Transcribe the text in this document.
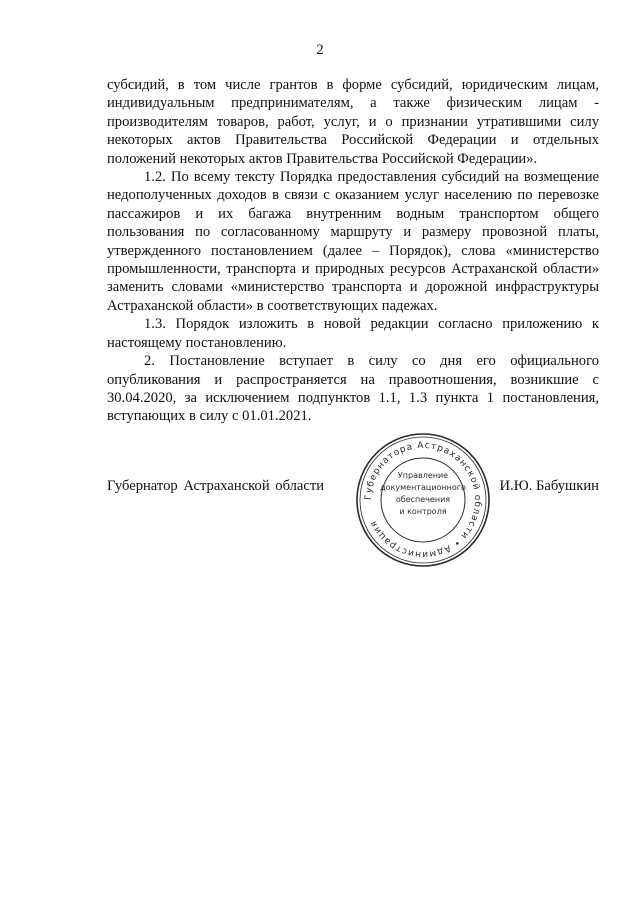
2

субсидий, в том числе грантов в форме субсидий, юридическим лицам, индивидуальным предпринимателям, а также физическим лицам - производителям товаров, работ, услуг, и о признании утратившими силу некоторых актов Правительства Российской Федерации и отдельных положений некоторых актов Правительства Российской Федерации».

1.2. По всему тексту Порядка предоставления субсидий на возмещение недополученных доходов в связи с оказанием услуг населению по перевозке пассажиров и их багажа внутренним водным транспортом общего пользования по согласованному маршруту и размеру провозной платы, утвержденного постановлением (далее – Порядок), слова «министерство промышленности, транспорта и природных ресурсов Астраханской области» заменить словами «министерство транспорта и дорожной инфраструктуры Астраханской области» в соответствующих падежах.

1.3. Порядок изложить в новой редакции согласно приложению к настоящему постановлению.

2. Постановление вступает в силу со дня его официального опубликования и распространяется на правоотношения, возникшие с 30.04.2020, за исключением подпунктов 1.1, 1.3 пункта 1 постановления, вступающих в силу с 01.01.2021.

Губернатор Астраханской области	И.Ю. Бабушкин
Губернатора Астраханской области • Администрация
Управление
документационного
обеспечения
и контроля
